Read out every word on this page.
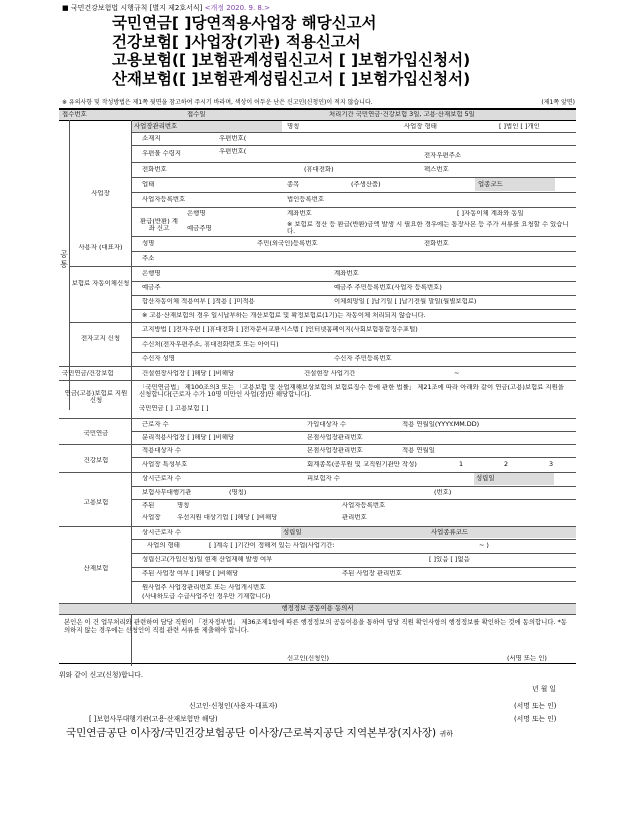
■ 국민건강보험법 시행규칙 [별지 제2호서식] <개정 2020. 9. 8.>
국민연금[ ]당연적용사업장 해당신고서
건강보험[ ]사업장(기관) 적용신고서
고용보험([ ]보험관계성립신고서 [ ]보험가입신청서)
산재보험([ ]보험관계성립신고서 [ ]보험가입신청서)
※ 유의사항 및 작성방법은 제1쪽 뒷면을 참고하여 주시기 바라며, 색상이 어두운 난은 신고인(신청인)이 적지 않습니다.	(제1쪽 앞면)
접수번호	접수일	처리기간 국민연금·건강보험 3일, 고용·산재보험 5일
공통
사업장
사업장관리번호	명칭	사업장 형태	[ ]법인 [ ]개인
소재지	우편번호(
우편물 수령지	우편번호(	전자우편주소
전화번호	(휴대전화)	팩스번호
업태	종목	(주생산품)	업종코드
사업자등록번호	법인등록번호
환급(반환) 계좌 신고
은행명	계좌번호	[ ]자동이체 계좌와 동일
예금주명	※ 보험료 정산 등 환급(반환)금액 발생 시 필요한 경우에는 통장사본 등 추가 서류를 요청할 수 있습니다.
사용자 (대표자)	성명	주민(외국인)등록번호	전화번호
주소
보험료 자동이체신청
은행명	계좌번호
예금주	예금주 주민등록번호(사업자 등록번호)
합산자동이체 적용여부 [ ]적용 [ ]미적용	이체희망일 [ ]납기일 [ ]납기전월 말일(월별보험료)
※ 고용·산재보험의 경우 일시납부하는 개산보험료 및 확정보험료(1기)는 자동이체 처리되지 않습니다.
전자고지 신청
고지방법 [ ]전자우편 [ ]휴대전화 [ ]전자문서교환시스템 [ ]인터넷홈페이지(사회보험통합징수포털)
수신처(전자우편주소, 휴대전화번호 또는 아이디)
수신자 성명	수신자 주민등록번호
국민연금/건강보험	건설현장사업장 [ ]해당 [ ]비해당	건설현장 사업기간	~
연금(고용)보험료 지원 신청
「국민연금법」 제100조의3 또는 「고용보험 및 산업재해보상보험의 보험료징수 등에 관한 법률」 제21조에 따라 아래와 같이 연금(고용)보험료 지원을 신청합니다[근로자 수가 10명 미만인 사업(장)만 해당합니다].
국민연금 [ ] 고용보험 [ ]
국민연금
근로자 수	가입대상자 수	적용 연월일(YYYY.MM.DD)
분리적용사업장 [ ]해당 [ ]비해당	본점사업장관리번호
건강보험
적용대상자 수	본점사업장관리번호	적용 연월일
사업장 특성부호	회계종목(공무원 및 교직원기관만 작성)	1	2	3
고용보험
상시근로자 수	피보험자 수	성립일
보험사무대행기관	(명칭)	(번호)
주된	명칭	사업자등록번호
사업장	우선지원 대상기업 [ ]해당 [ ]비해당	관리번호
산재보험
상시근로자 수	성립일	사업종류코드
사업의 형태	[ ]계속 [ ]기간이 정해져 있는 사업(사업기간:	~ )
성립신고(가입신청)일 현재 산업재해 발생 여부	[ ]있음 [ ]없음
주된 사업장 여부 [ ]해당 [ ]비해당	주된 사업장 관리번호
원사업주 사업장관리번호 또는 사업개시번호
(사내하도급 수급사업주인 경우만 기재합니다)
행정정보 공동이용 동의서
본인은 이 건 업무처리와 관련하여 담당 직원이 「전자정부법」 제36조제1항에 따른 행정정보의 공동이용을 통하여 담당 직원 확인사항의 행정정보를 확인하는 것에 동의합니다. *동의하지 않는 경우에는 신청인이 직접 관련 서류를 제출해야 합니다.
신고인(신청인)	(서명 또는 인)
위와 같이 신고(신청)합니다.
년 월 일
신고인·신청인(사용자·대표자)	(서명 또는 인)
[ ]보험사무대행기관(고용·산재보험만 해당)	(서명 또는 인)
국민연금공단 이사장/국민건강보험공단 이사장/근로복지공단 지역본부장(지사장) 귀하
